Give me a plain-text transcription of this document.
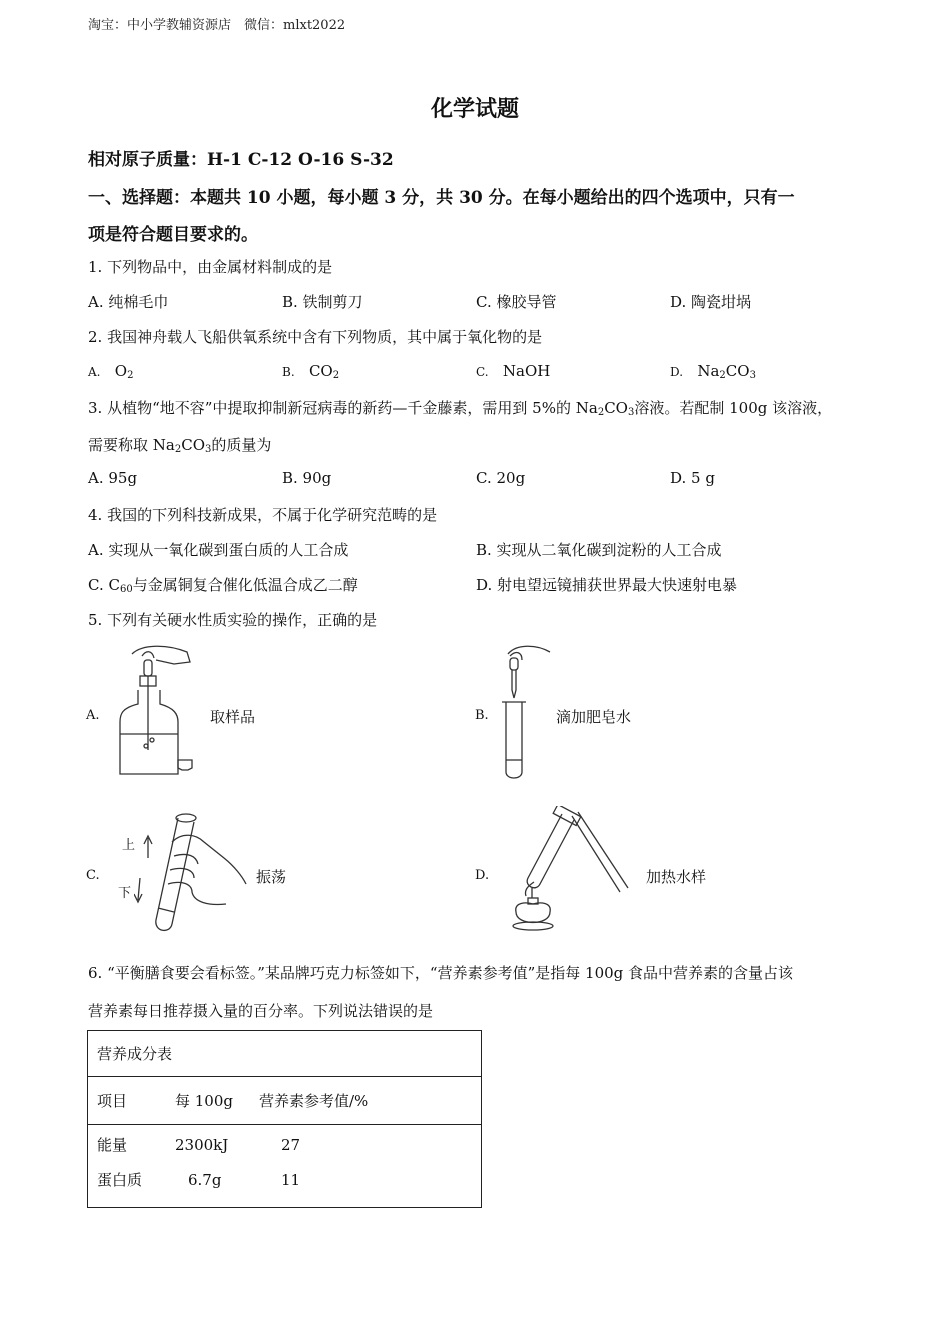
淘宝：中小学教辅资源店　微信：mlxt2022
化学试题
相对原子质量：H-1 C-12 O-16 S-32
一、选择题：本题共 10 小题，每小题 3 分，共 30 分。在每小题给出的四个选项中，只有一
项是符合题目要求的。
1. 下列物品中，由金属材料制成的是
A. 纯棉毛巾	B. 铁制剪刀	C. 橡胶导管	D. 陶瓷坩埚
2. 我国神舟载人飞船供氧系统中含有下列物质，其中属于氧化物的是
A. $O_2$	B. $CO_2$	C. NaOH	D. $Na_2CO_3$
3. 从植物“地不容”中提取抑制新冠病毒的新药—千金藤素，需用到 5%的 $Na_2CO_3$溶液。若配制 100g 该溶液，
需要称取 $Na_2CO_3$的质量为
A. 95g	B. 90g	C. 20g	D. 5 g
4. 我国的下列科技新成果，不属于化学研究范畴的是
A. 实现从一氧化碳到蛋白质的人工合成	B. 实现从二氧化碳到淀粉的人工合成
C. $C_{60}$与金属铜复合催化低温合成乙二醇	D. 射电望远镜捕获世界最大快速射电暴
5. 下列有关硬水性质实验的操作，正确的是
A.	取样品	B.	滴加肥皂水
C.
上
下
振荡	D.	加热水样
6. “平衡膳食要会看标签。”某品牌巧克力标签如下，“营养素参考值”是指每 100g 食品中营养素的含量占该
营养素每日推荐摄入量的百分率。下列说法错误的是
营养成分表
项目	每 100g 营养素参考值/%

能量	2300kJ	27
蛋白质	6.7g	11
